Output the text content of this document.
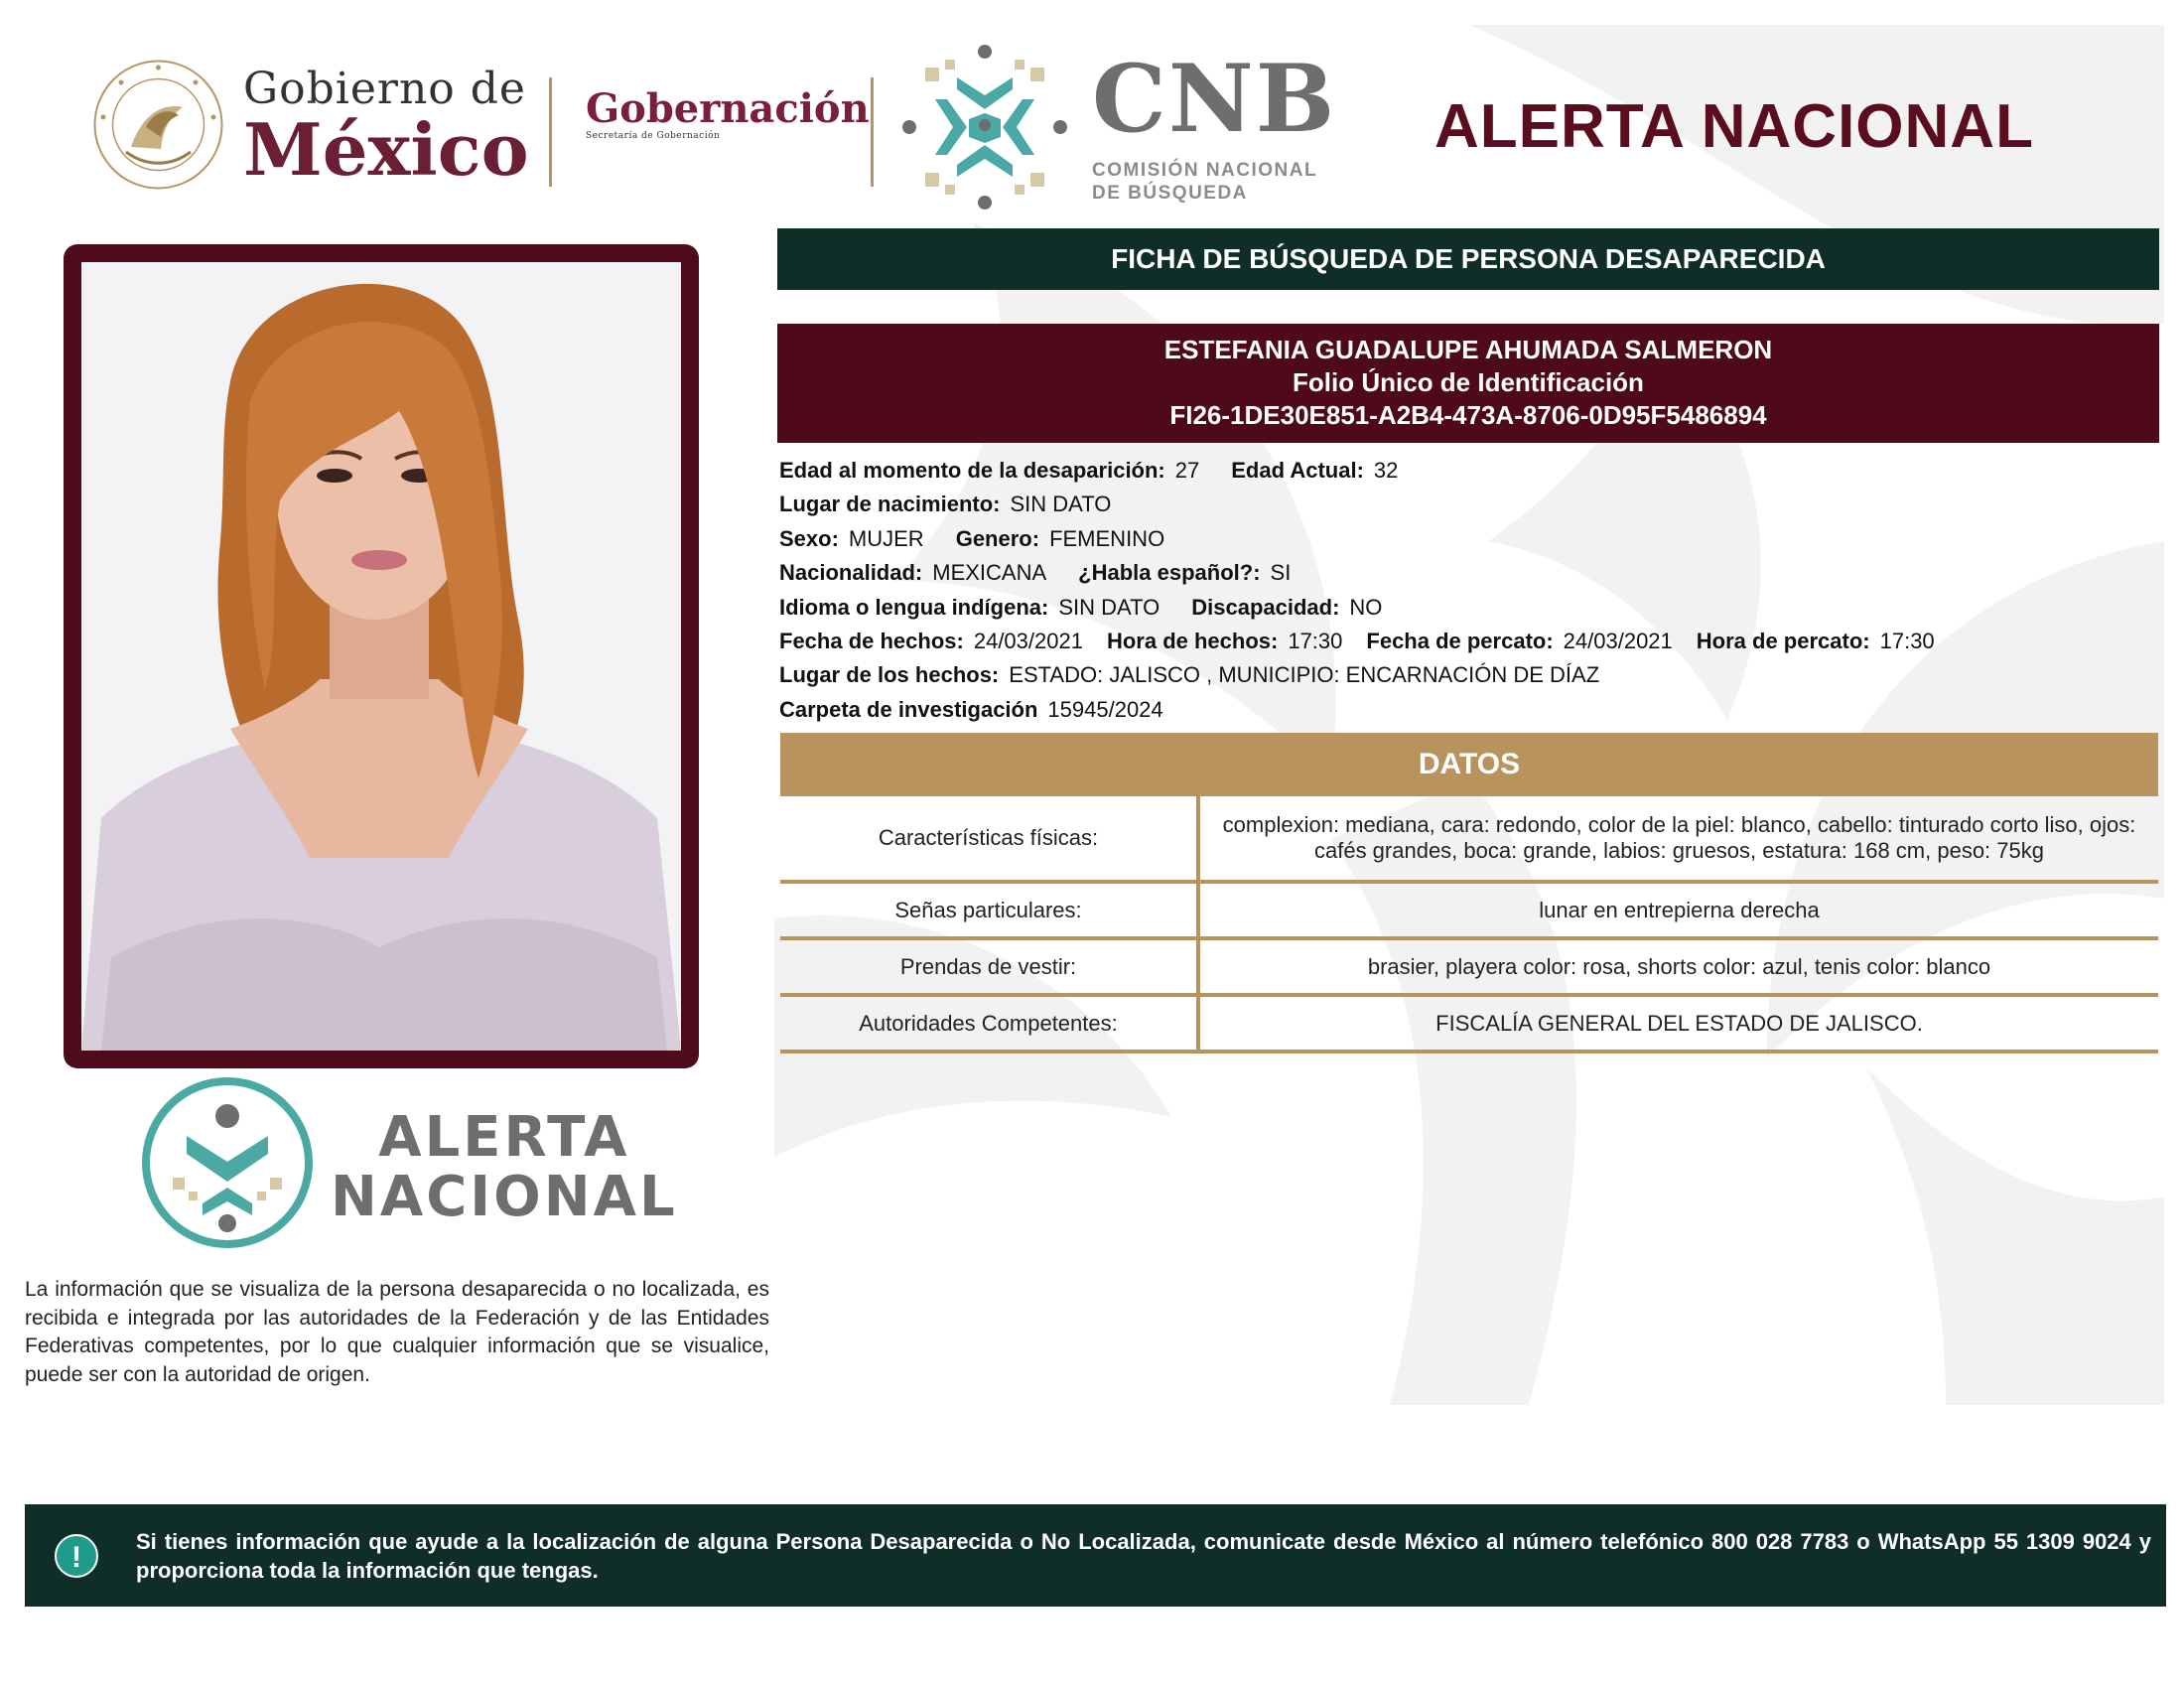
Gobierno de
México Gobernación
Secretaría de Gobernación	CNB
COMISIÓN NACIONAL
DE BÚSQUEDA
ALERTA NACIONAL
FICHA DE BÚSQUEDA DE PERSONA DESAPARECIDA
ESTEFANIA GUADALUPE AHUMADA SALMERON
Folio Único de Identificación
FI26-1DE30E851-A2B4-473A-8706-0D95F5486894
Edad al momento de la desaparición: 27 Edad Actual: 32
Lugar de nacimiento: SIN DATO
Sexo: MUJER Genero: FEMENINO
Nacionalidad: MEXICANA ¿Habla español?: SI
Idioma o lengua indígena: SIN DATO Discapacidad: NO
Fecha de hechos: 24/03/2021 Hora de hechos: 17:30 Fecha de percato: 24/03/2021 Hora de percato: 17:30
Lugar de los hechos: ESTADO: JALISCO , MUNICIPIO: ENCARNACIÓN DE DÍAZ
Carpeta de investigación 15945/2024
DATOS
Características físicas:	complexion: mediana, cara: redondo, color de la piel: blanco, cabello: tinturado corto liso, ojos: cafés grandes, boca: grande, labios: gruesos, estatura: 168 cm, peso: 75kg
Señas particulares:	lunar en entrepierna derecha
Prendas de vestir:	brasier, playera color: rosa, shorts color: azul, tenis color: blanco
Autoridades Competentes:	FISCALÍA GENERAL DEL ESTADO DE JALISCO.
ALERTA
NACIONAL
La información que se visualiza de la persona desaparecida o no localizada, es recibida e integrada por las autoridades de la Federación y de las Entidades Federativas competentes, por lo que cualquier información que se visualice, puede ser con la autoridad de origen.
!	Si tienes información que ayude a la localización de alguna Persona Desaparecida o No Localizada, comunicate desde México al número telefónico 800 028 7783 o WhatsApp 55 1309 9024 y proporciona toda la información que tengas.
